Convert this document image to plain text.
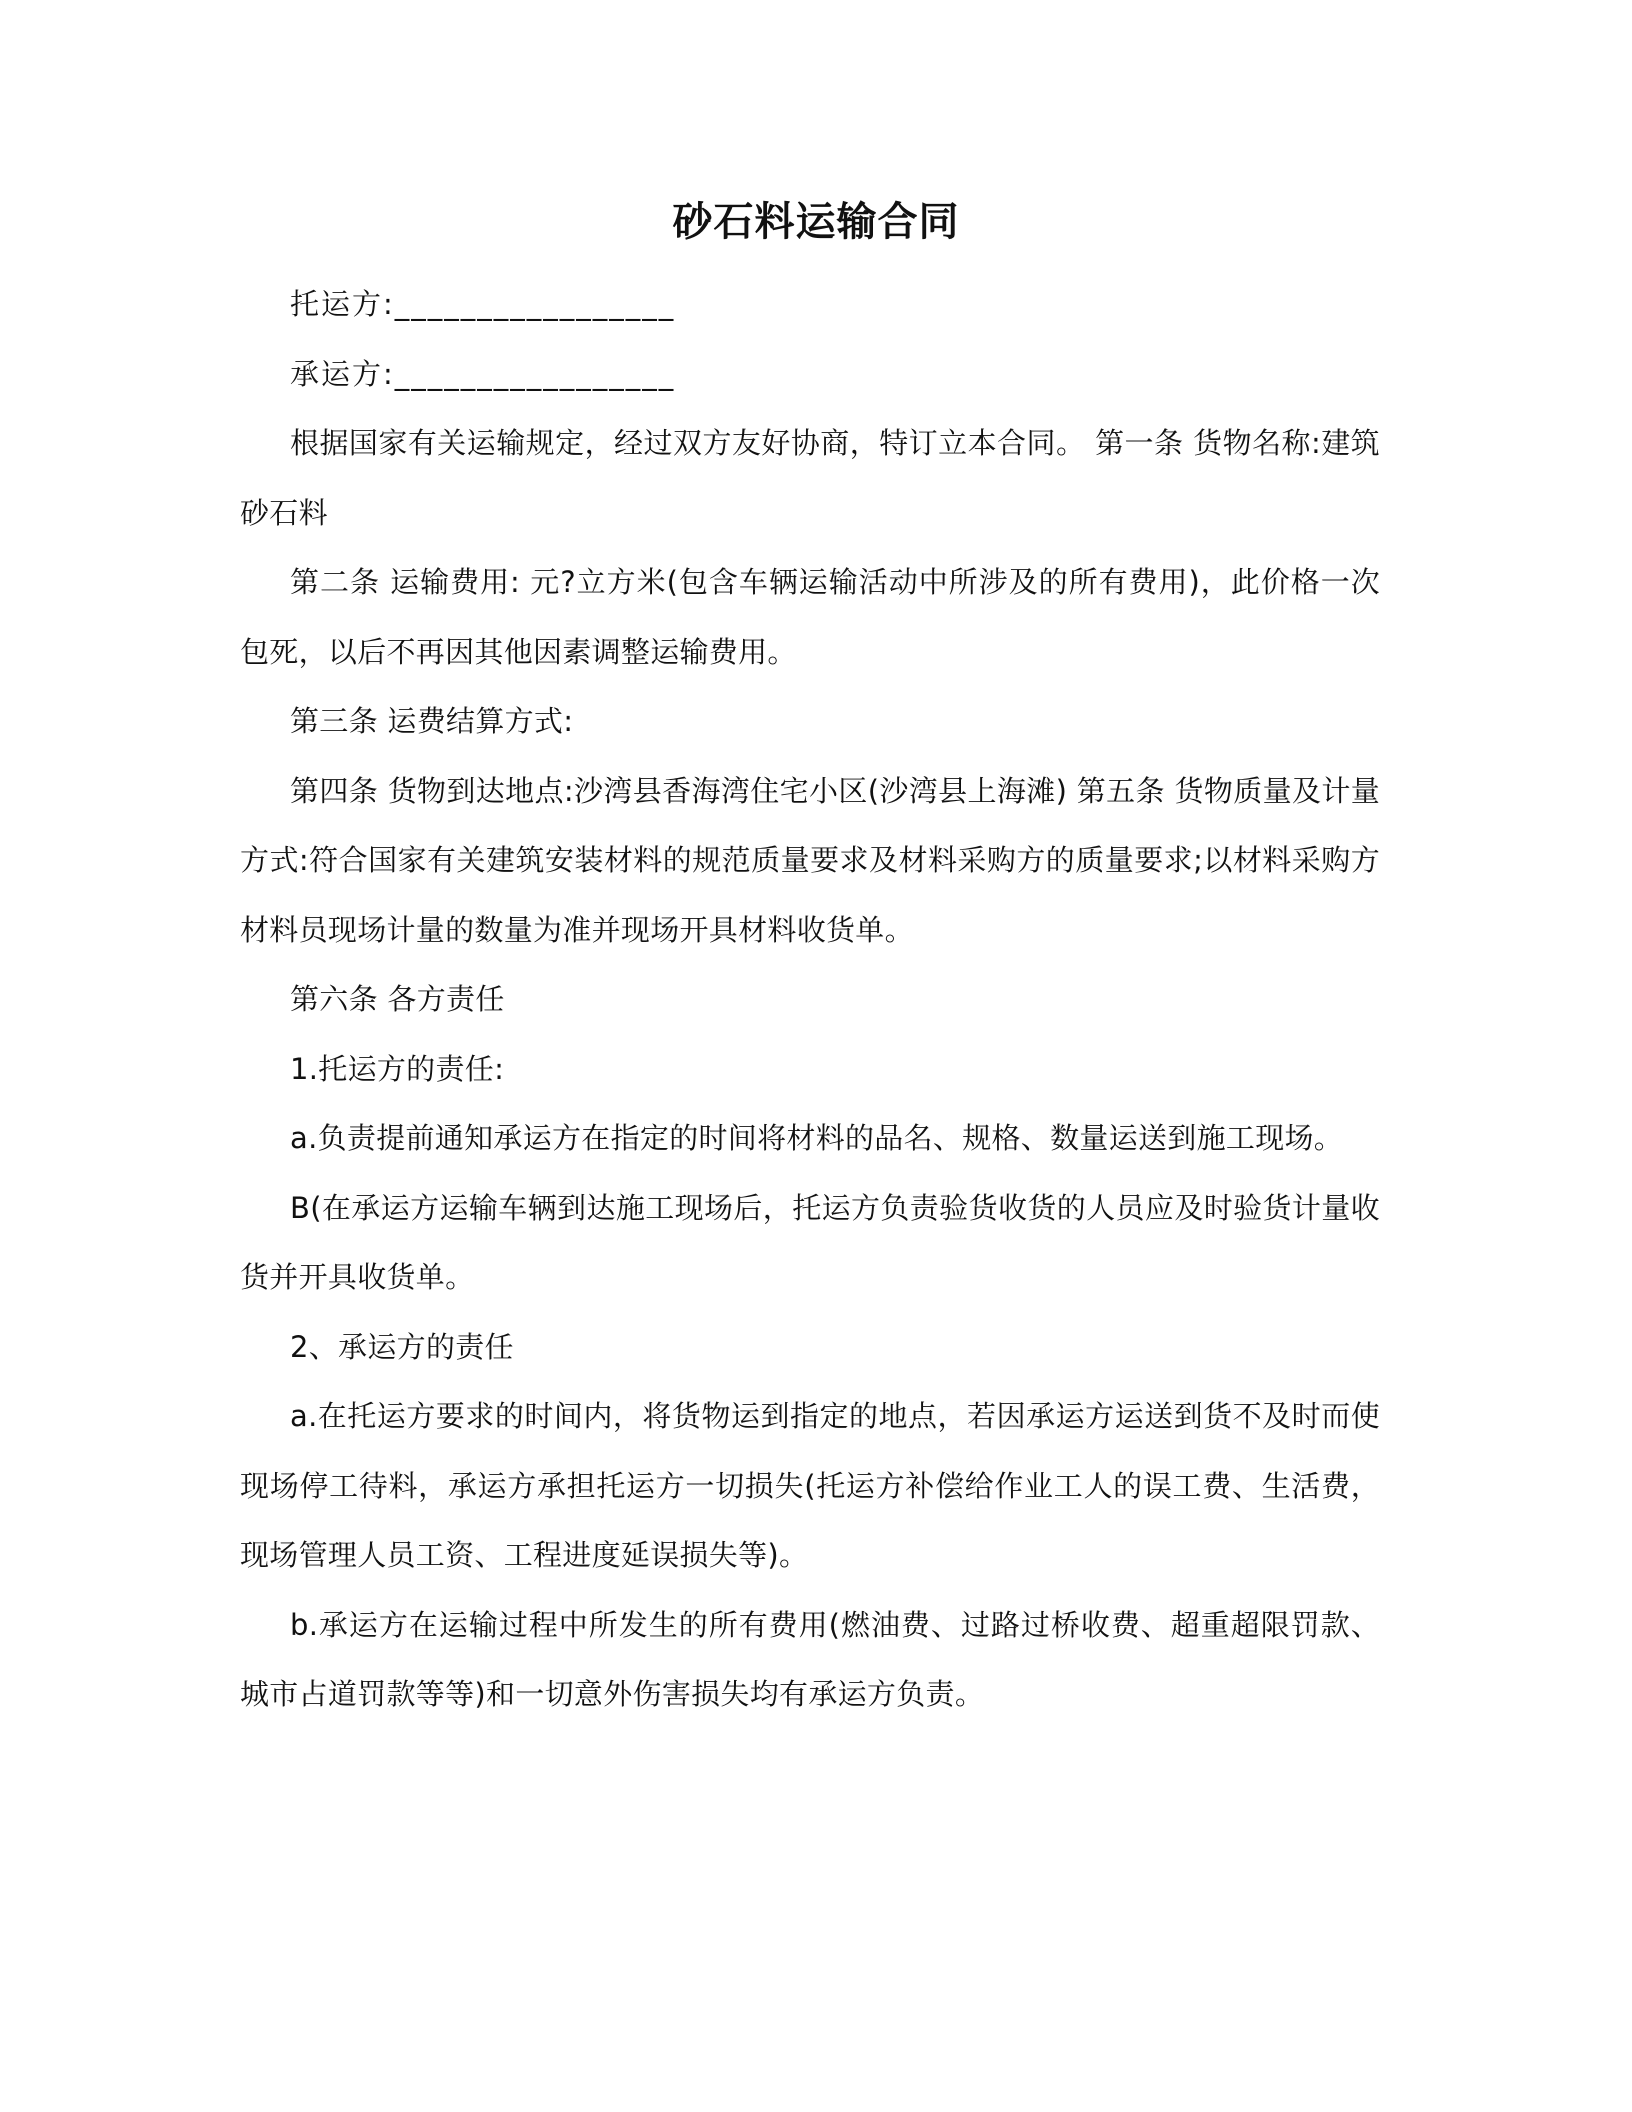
砂石料运输合同

托运方:_________________

承运方:_________________

根据国家有关运输规定，经过双方友好协商，特订立本合同。 第一条 货物名称:建筑砂石料

第二条 运输费用: 元?立方米(包含车辆运输活动中所涉及的所有费用)，此价格一次包死，以后不再因其他因素调整运输费用。

第三条 运费结算方式:

第四条 货物到达地点:沙湾县香海湾住宅小区(沙湾县上海滩) 第五条 货物质量及计量方式:符合国家有关建筑安装材料的规范质量要求及材料采购方的质量要求;以材料采购方材料员现场计量的数量为准并现场开具材料收货单。

第六条 各方责任

1.托运方的责任:

a.负责提前通知承运方在指定的时间将材料的品名、规格、数量运送到施工现场。

B(在承运方运输车辆到达施工现场后，托运方负责验货收货的人员应及时验货计量收货并开具收货单。

2、承运方的责任

a.在托运方要求的时间内，将货物运到指定的地点，若因承运方运送到货不及时而使现场停工待料，承运方承担托运方一切损失(托运方补偿给作业工人的误工费、生活费，现场管理人员工资、工程进度延误损失等)。

b.承运方在运输过程中所发生的所有费用(燃油费、过路过桥收费、超重超限罚款、城市占道罚款等等)和一切意外伤害损失均有承运方负责。
